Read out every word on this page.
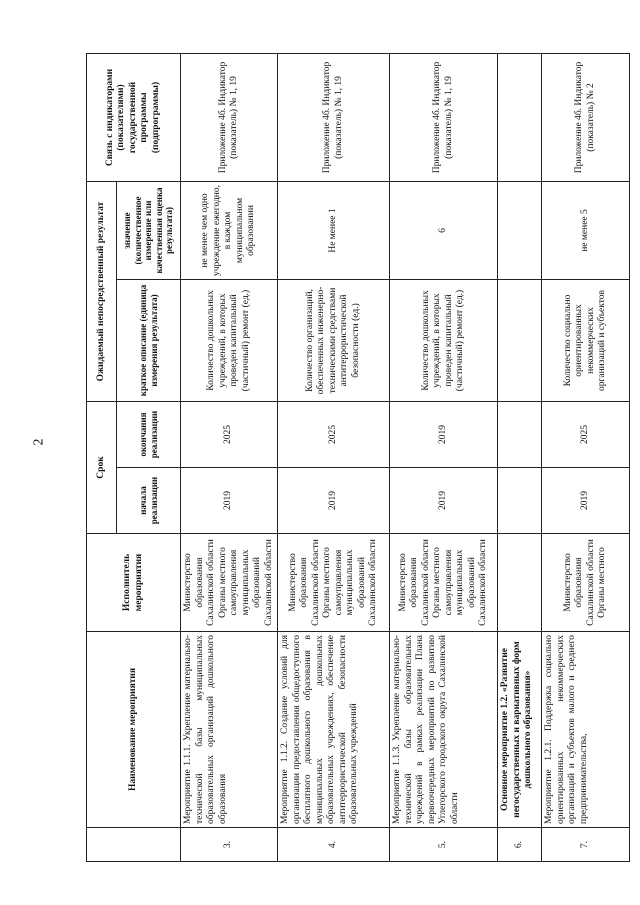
2
	Наименование мероприятия	Исполнитель мероприятия	Срок		Ожидаемый непосредственный результат		Связь с индикаторами (показателями) государственной программы (подпрограммы)
			начала реализации	окончания реализации	краткое описание (единица измерения результата)	значение (количественное измерение или качественная оценка результата)	
3.	Мероприятие 1.1.1. Укрепление материально-технической базы муниципальных образовательных организаций дошкольного образования	Министерство образования Сахалинской области Органы местного самоуправления муниципальных образований Сахалинской области	2019	2025	Количество дошкольных учреждений, в которых проведен капитальный (частичный) ремонт (ед.)	не менее чем одно учреждение ежегодно, в каждом муниципальном образовании	Приложение 4б. Индикатор (показатель) № 1, 19
4.	Мероприятие 1.1.2. Создание условий для организации предоставления общедоступного бесплатного дошкольного образования в муниципальных дошкольных образовательных учреждениях, обеспечение антитеррористической безопасности образовательных учреждений	Министерство образования Сахалинской области Органы местного самоуправления муниципальных образований Сахалинской области	2019	2025	Количество организаций, обеспеченных инженерно-техническими средствами антитеррористической безопасности (ед.)	Не менее 1	Приложение 4б. Индикатор (показатель) № 1, 19
5.	Мероприятие 1.1.3. Укрепление материально-технической базы образовательных учреждений в рамках реализации Плана первоочередных мероприятий по развитию Углегорского городского округа Сахалинской области	Министерство образования Сахалинской области Органы местного самоуправления муниципальных образований Сахалинской области	2019	2019	Количество дошкольных учреждений, в которых проведен капитальный (частичный) ремонт (ед.)	6	Приложение 4б. Индикатор (показатель) № 1, 19
6.	Основное мероприятие 1.2. «Развитие негосударственных и вариативных форм дошкольного образования»						
7.	Мероприятие 1.2.1. Поддержка социально ориентированных некоммерческих организаций и субъектов малого и среднего предпринимательства,	Министерство образования Сахалинской области Органы местного	2019	2025	Количество социально ориентированных некоммерческих организаций и субъектов	не менее 5	Приложение 4б. Индикатор (показатель) № 2
